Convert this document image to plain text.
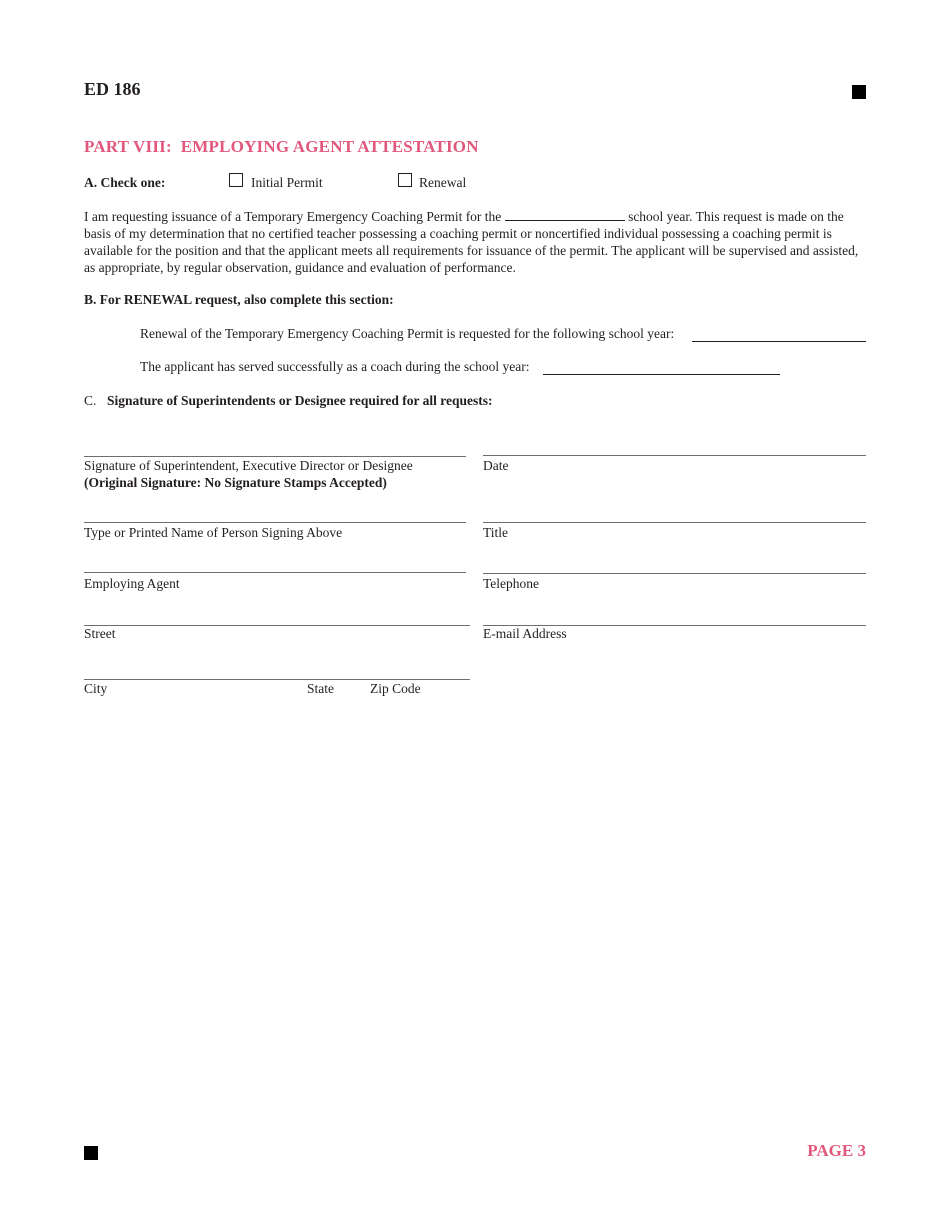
ED 186
PART VIII:  EMPLOYING AGENT ATTESTATION
A. Check one:	Initial Permit	Renewal
I am requesting issuance of a Temporary Emergency Coaching Permit for the	school year. This request is made on the basis of my determination that no certified teacher possessing a coaching permit or noncertified individual possessing a coaching permit is available for the position and that the applicant meets all requirements for issuance of the permit. The applicant will be supervised and assisted, as appropriate, by regular observation, guidance and evaluation of performance.
B. For RENEWAL request, also complete this section:
Renewal of the Temporary Emergency Coaching Permit is requested for the following school year:
The applicant has served successfully as a coach during the school year:
C. Signature of Superintendents or Designee required for all requests:
Signature of Superintendent, Executive Director or Designee
(Original Signature: No Signature Stamps Accepted)
Date
Type or Printed Name of Person Signing Above	Title
Employing Agent	Telephone
Street	E-mail Address
City	State	Zip Code
PAGE 3
